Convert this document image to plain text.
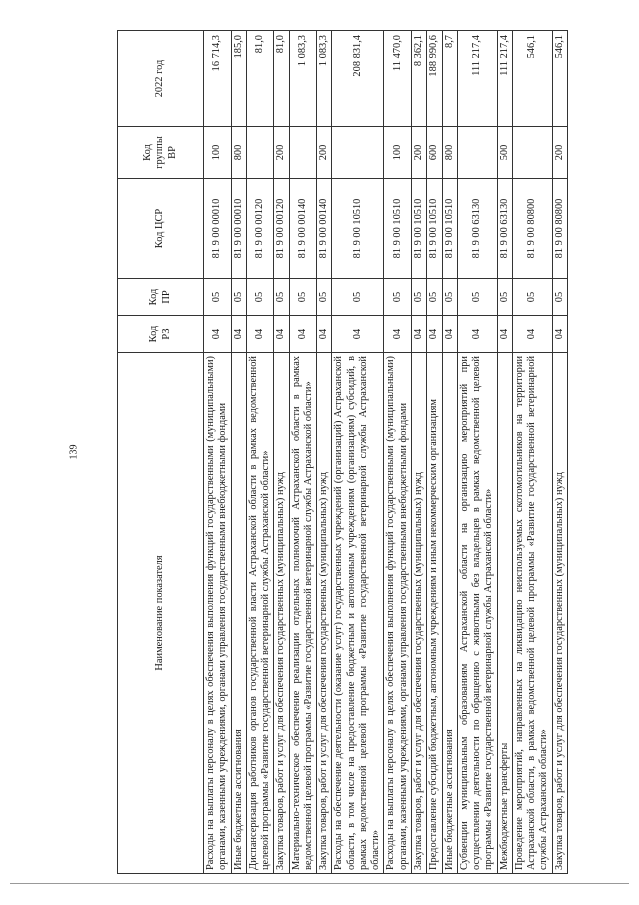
139
Наименование показателя	Код РЗ	Код ПР	Код ЦСР	Код группы ВР	2022 год
Расходы на выплаты персоналу в целях обеспечения выполнения функций государственными (муниципальными) органами, казенными учреждениями, органами управления государственными внебюджетными фондами	04	05	81 9 00 00010	100	16 714,3
Иные бюджетные ассигнования	04	05	81 9 00 00010	800	185,0
Диспансеризация работников органов государственной власти Астраханской области в рамках ведомственной целевой программы «Развитие государственной ветеринарной службы Астраханской области»	04	05	81 9 00 00120		81,0
Закупка товаров, работ и услуг для обеспечения государственных (муниципальных) нужд	04	05	81 9 00 00120	200	81,0
Материально-техническое обеспечение реализации отдельных полномочий Астраханской области в рамках ведомственной целевой программы «Развитие государственной ветеринарной службы Астраханской области»	04	05	81 9 00 00140		1 083,3
Закупка товаров, работ и услуг для обеспечения государственных (муниципальных) нужд	04	05	81 9 00 00140	200	1 083,3
Расходы на обеспечение деятельности (оказание услуг) государственных учреждений (организаций) Астраханской области, в том числе на предоставление бюджетным и автономным учреждениям (организациям) субсидий, в рамках ведомственной целевой программы «Развитие государственной ветеринарной службы Астраханской области»	04	05	81 9 00 10510		208 831,4
Расходы на выплаты персоналу в целях обеспечения выполнения функций государственными (муниципальными) органами, казенными учреждениями, органами управления государственными внебюджетными фондами	04	05	81 9 00 10510	100	11 470,0
Закупка товаров, работ и услуг для обеспечения государственных (муниципальных) нужд	04	05	81 9 00 10510	200	8 362,1
Предоставление субсидий бюджетным, автономным учреждениям и иным некоммерческим организациям	04	05	81 9 00 10510	600	188 990,6
Иные бюджетные ассигнования	04	05	81 9 00 10510	800	8,7
Субвенции муниципальным образованиям Астраханской области на организацию мероприятий при осуществлении деятельности по обращению с животными без владельцев в рамках ведомственной целевой программы «Развитие государственной ветеринарной службы Астраханской области»	04	05	81 9 00 63130		111 217,4
Межбюджетные трансферты	04	05	81 9 00 63130	500	111 217,4
Проведение мероприятий, направленных на ликвидацию неиспользуемых скотомогильников на территории Астраханской области, в рамках ведомственной целевой программы «Развитие государственной ветеринарной службы Астраханской области»	04	05	81 9 00 80800		546,1
Закупка товаров, работ и услуг для обеспечения государственных (муниципальных) нужд	04	05	81 9 00 80800	200	546,1
